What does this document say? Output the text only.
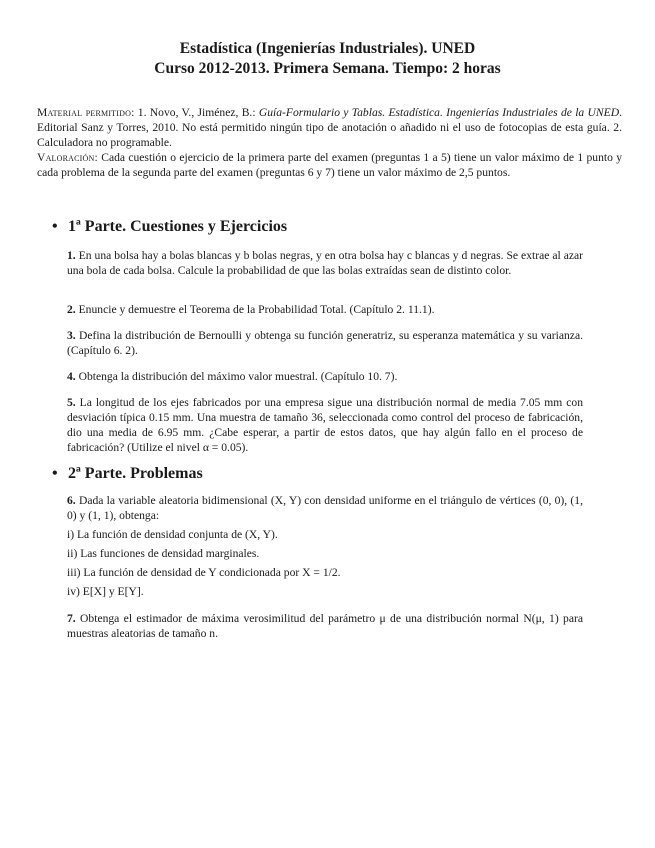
Estadística (Ingenierías Industriales). UNED
Curso 2012-2013. Primera Semana. Tiempo: 2 horas
Material permitido: 1. Novo, V., Jiménez, B.: Guía-Formulario y Tablas. Estadística. Ingenierías Industriales de la UNED. Editorial Sanz y Torres, 2010. No está permitido ningún tipo de anotación o añadido ni el uso de fotocopias de esta guía. 2. Calculadora no programable.
Valoración: Cada cuestión o ejercicio de la primera parte del examen (preguntas 1 a 5) tiene un valor máximo de 1 punto y cada problema de la segunda parte del examen (preguntas 6 y 7) tiene un valor máximo de 2,5 puntos.
• 1ª Parte. Cuestiones y Ejercicios
1. En una bolsa hay a bolas blancas y b bolas negras, y en otra bolsa hay c blancas y d negras. Se extrae al azar una bola de cada bolsa. Calcule la probabilidad de que las bolas extraídas sean de distinto color.
2. Enuncie y demuestre el Teorema de la Probabilidad Total. (Capítulo 2. 11.1).
3. Defina la distribución de Bernoulli y obtenga su función generatriz, su esperanza matemática y su varianza. (Capítulo 6. 2).
4. Obtenga la distribución del máximo valor muestral. (Capítulo 10. 7).
5. La longitud de los ejes fabricados por una empresa sigue una distribución normal de media 7.05 mm con desviación típica 0.15 mm. Una muestra de tamaño 36, seleccionada como control del proceso de fabricación, dio una media de 6.95 mm. ¿Cabe esperar, a partir de estos datos, que hay algún fallo en el proceso de fabricación? (Utilize el nivel α = 0.05).
• 2ª Parte. Problemas
6. Dada la variable aleatoria bidimensional (X, Y) con densidad uniforme en el triángulo de vértices (0, 0), (1, 0) y (1, 1), obtenga:
i) La función de densidad conjunta de (X, Y).
ii) Las funciones de densidad marginales.
iii) La función de densidad de Y condicionada por X = 1/2.
iv) E[X] y E[Y].
7. Obtenga el estimador de máxima verosimilitud del parámetro μ de una distribución normal N(μ, 1) para muestras aleatorias de tamaño n.
